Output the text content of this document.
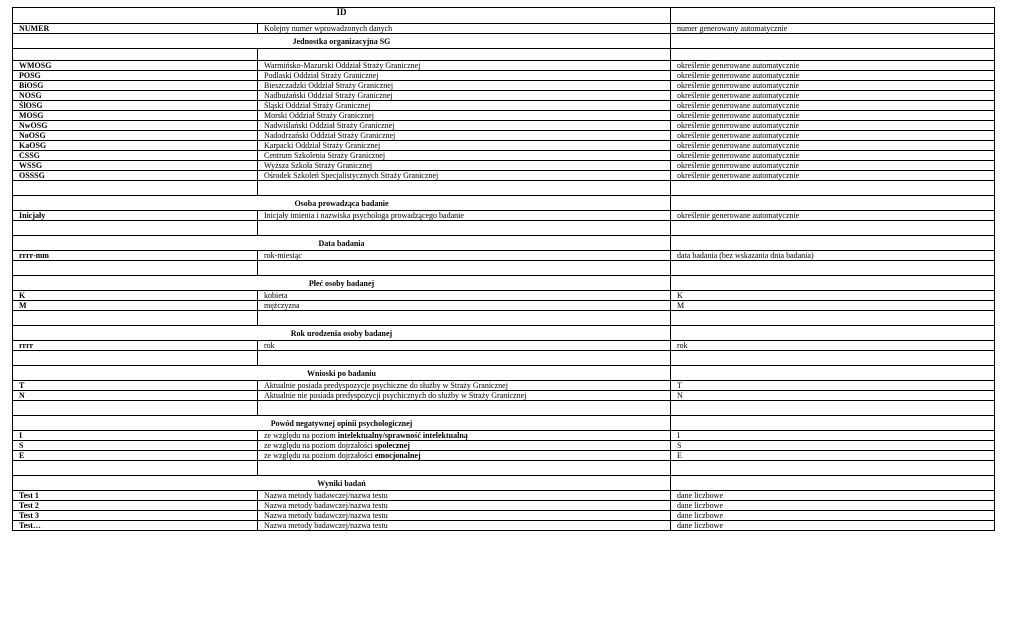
ID		
NUMER	Kolejny numer wprowadzonych danych	numer generowany automatycznie
Jednostka organizacyjna SG		

WMOSG	Warmińsko-Mazurski Oddział Straży Granicznej	określenie generowane automatycznie
POSG	Podlaski Oddział Straży Granicznej	określenie generowane automatycznie
BiOSG	Bieszczadzki Oddział Straży Granicznej	określenie generowane automatycznie
NOSG	Nadbużański Oddział Straży Granicznej	określenie generowane automatycznie
ŚlOSG	Śląski Oddział Straży Granicznej	określenie generowane automatycznie
MOSG	Morski Oddział Straży Granicznej	określenie generowane automatycznie
NwOSG	Nadwiślański Oddział Straży Granicznej	określenie generowane automatycznie
NoOSG	Nadodrzański Oddział Straży Granicznej	określenie generowane automatycznie
KaOSG	Karpacki Oddział Straży Granicznej	określenie generowane automatycznie
CSSG	Centrum Szkolenia Straży Granicznej	określenie generowane automatycznie
WSSG	Wyższa Szkoła Straży Granicznej	określenie generowane automatycznie
OSSSG	Ośrodek Szkoleń Specjalistycznych Straży Granicznej	określenie generowane automatycznie

Osoba prowadząca badanie		
Inicjały	Inicjały imienia i nazwiska psychologa prowadzącego badanie	określenie generowane automatycznie

Data badania		
rrrr-mm	rok-miesiąc	data badania (bez wskazania dnia badania)

Płeć osoby badanej		
K	kobieta	K
M	mężczyzna	M

Rok urodzenia osoby badanej		
rrrr	rok	rok

Wnioski po badaniu		
T	Aktualnie posiada predyspozycje psychiczne do służby w Straży Granicznej	T
N	Aktualnie nie posiada predyspozycji psychicznych do służby w Straży Granicznej	N

Powód negatywnej opinii psychologicznej		
I	ze względu na poziom intelektualny/sprawność intelektualną	I
S	ze względu na poziom dojrzałości społecznej	S
E	ze względu na poziom dojrzałości emocjonalnej	E

Wyniki badań		
Test 1	Nazwa metody badawczej/nazwa testu	dane liczbowe
Test 2	Nazwa metody badawczej/nazwa testu	dane liczbowe
Test 3	Nazwa metody badawczej/nazwa testu	dane liczbowe
Test…	Nazwa metody badawczej/nazwa testu	dane liczbowe
